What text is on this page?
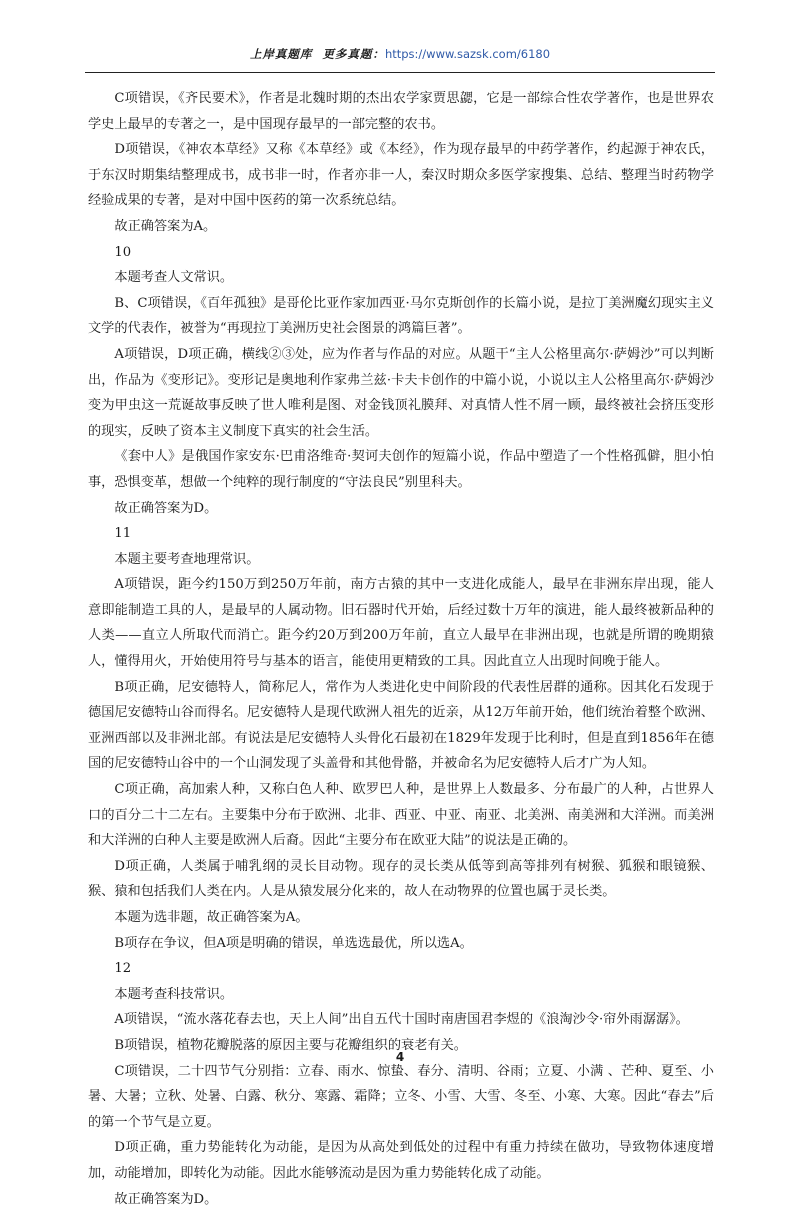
上岸真题库 更多真题：https://www.sazsk.com/6180

C项错误，《齐民要术》，作者是北魏时期的杰出农学家贾思勰，它是一部综合性农学著作，也是世界农学史上最早的专著之一，是中国现存最早的一部完整的农书。

D项错误，《神农本草经》又称《本草经》或《本经》，作为现存最早的中药学著作，约起源于神农氏，于东汉时期集结整理成书，成书非一时，作者亦非一人，秦汉时期众多医学家搜集、总结、整理当时药物学经验成果的专著，是对中国中医药的第一次系统总结。

故正确答案为A。

10

本题考查人文常识。

B、C项错误，《百年孤独》是哥伦比亚作家加西亚·马尔克斯创作的长篇小说，是拉丁美洲魔幻现实主义文学的代表作，被誉为“再现拉丁美洲历史社会图景的鸿篇巨著”。

A项错误，D项正确，横线②③处，应为作者与作品的对应。从题干“主人公格里高尔·萨姆沙”可以判断出，作品为《变形记》。变形记是奥地利作家弗兰兹·卡夫卡创作的中篇小说，小说以主人公格里高尔·萨姆沙变为甲虫这一荒诞故事反映了世人唯利是图、对金钱顶礼膜拜、对真情人性不屑一顾，最终被社会挤压变形的现实，反映了资本主义制度下真实的社会生活。

《套中人》是俄国作家安东·巴甫洛维奇·契诃夫创作的短篇小说，作品中塑造了一个性格孤僻，胆小怕事，恐惧变革，想做一个纯粹的现行制度的“守法良民”别里科夫。

故正确答案为D。

11

本题主要考查地理常识。

A项错误，距今约150万到250万年前，南方古猿的其中一支进化成能人，最早在非洲东岸出现，能人意即能制造工具的人，是最早的人属动物。旧石器时代开始，后经过数十万年的演进，能人最终被新品种的人类——直立人所取代而消亡。距今约20万到200万年前，直立人最早在非洲出现，也就是所谓的晚期猿人，懂得用火，开始使用符号与基本的语言，能使用更精致的工具。因此直立人出现时间晚于能人。

B项正确，尼安德特人，简称尼人，常作为人类进化史中间阶段的代表性居群的通称。因其化石发现于德国尼安德特山谷而得名。尼安德特人是现代欧洲人祖先的近亲，从12万年前开始，他们统治着整个欧洲、亚洲西部以及非洲北部。有说法是尼安德特人头骨化石最初在1829年发现于比利时，但是直到1856年在德国的尼安德特山谷中的一个山洞发现了头盖骨和其他骨骼，并被命名为尼安德特人后才广为人知。

C项正确，高加索人种，又称白色人种、欧罗巴人种，是世界上人数最多、分布最广的人种，占世界人口的百分二十二左右。主要集中分布于欧洲、北非、西亚、中亚、南亚、北美洲、南美洲和大洋洲。而美洲和大洋洲的白种人主要是欧洲人后裔。因此“主要分布在欧亚大陆”的说法是正确的。

D项正确，人类属于哺乳纲的灵长目动物。现存的灵长类从低等到高等排列有树猴、狐猴和眼镜猴、猴、猿和包括我们人类在内。人是从猿发展分化来的，故人在动物界的位置也属于灵长类。

本题为选非题，故正确答案为A。

B项存在争议，但A项是明确的错误，单选选最优，所以选A。

12

本题考查科技常识。

A项错误，“流水落花春去也，天上人间”出自五代十国时南唐国君李煜的《浪淘沙令·帘外雨潺潺》。

B项错误，植物花瓣脱落的原因主要与花瓣组织的衰老有关。

C项错误，二十四节气分别指：立春、雨水、惊蛰、春分、清明、谷雨；立夏、小满 、芒种、夏至、小暑、大暑；立秋、处暑、白露、秋分、寒露、霜降；立冬、小雪、大雪、冬至、小寒、大寒。因此“春去”后的第一个节气是立夏。

D项正确，重力势能转化为动能，是因为从高处到低处的过程中有重力持续在做功，导致物体速度增加，动能增加，即转化为动能。因此水能够流动是因为重力势能转化成了动能。

故正确答案为D。

4
